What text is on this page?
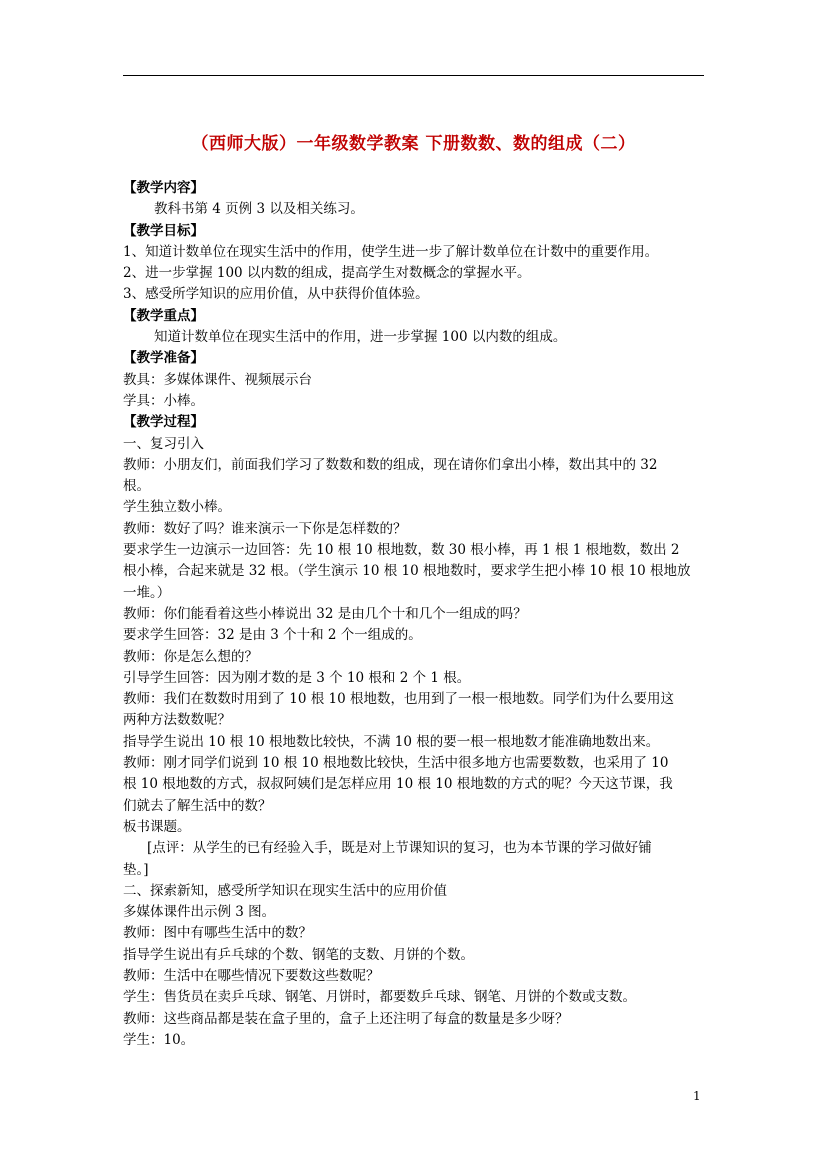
（西师大版）一年级数学教案 下册数数、数的组成（二）
【教学内容】
教科书第 4 页例 3 以及相关练习。
【教学目标】
1、知道计数单位在现实生活中的作用，使学生进一步了解计数单位在计数中的重要作用。
2、进一步掌握 100 以内数的组成，提高学生对数概念的掌握水平。
3、感受所学知识的应用价值，从中获得价值体验。
【教学重点】
知道计数单位在现实生活中的作用，进一步掌握 100 以内数的组成。
【教学准备】
教具：多媒体课件、视频展示台
学具：小棒。
【教学过程】
一、复习引入
教师：小朋友们，前面我们学习了数数和数的组成，现在请你们拿出小棒，数出其中的 32
根。
学生独立数小棒。
教师：数好了吗？谁来演示一下你是怎样数的？
要求学生一边演示一边回答：先 10 根 10 根地数，数 30 根小棒，再 1 根 1 根地数，数出 2
根小棒，合起来就是 32 根。（学生演示 10 根 10 根地数时，要求学生把小棒 10 根 10 根地放
一堆。）
教师：你们能看着这些小棒说出 32 是由几个十和几个一组成的吗？
要求学生回答：32 是由 3 个十和 2 个一组成的。
教师：你是怎么想的？
引导学生回答：因为刚才数的是 3 个 10 根和 2 个 1 根。
教师：我们在数数时用到了 10 根 10 根地数，也用到了一根一根地数。同学们为什么要用这
两种方法数数呢？
指导学生说出 10 根 10 根地数比较快，不满 10 根的要一根一根地数才能准确地数出来。
教师：刚才同学们说到 10 根 10 根地数比较快，生活中很多地方也需要数数，也采用了 10
根 10 根地数的方式，叔叔阿姨们是怎样应用 10 根 10 根地数的方式的呢？今天这节课，我
们就去了解生活中的数？
板书课题。
[点评：从学生的已有经验入手，既是对上节课知识的复习，也为本节课的学习做好铺
垫。]
二、探索新知，感受所学知识在现实生活中的应用价值
多媒体课件出示例 3 图。
教师：图中有哪些生活中的数？
指导学生说出有乒乓球的个数、钢笔的支数、月饼的个数。
教师：生活中在哪些情况下要数这些数呢？
学生：售货员在卖乒乓球、钢笔、月饼时，都要数乒乓球、钢笔、月饼的个数或支数。
教师：这些商品都是装在盒子里的，盒子上还注明了每盒的数量是多少呀？
学生：10。
1
